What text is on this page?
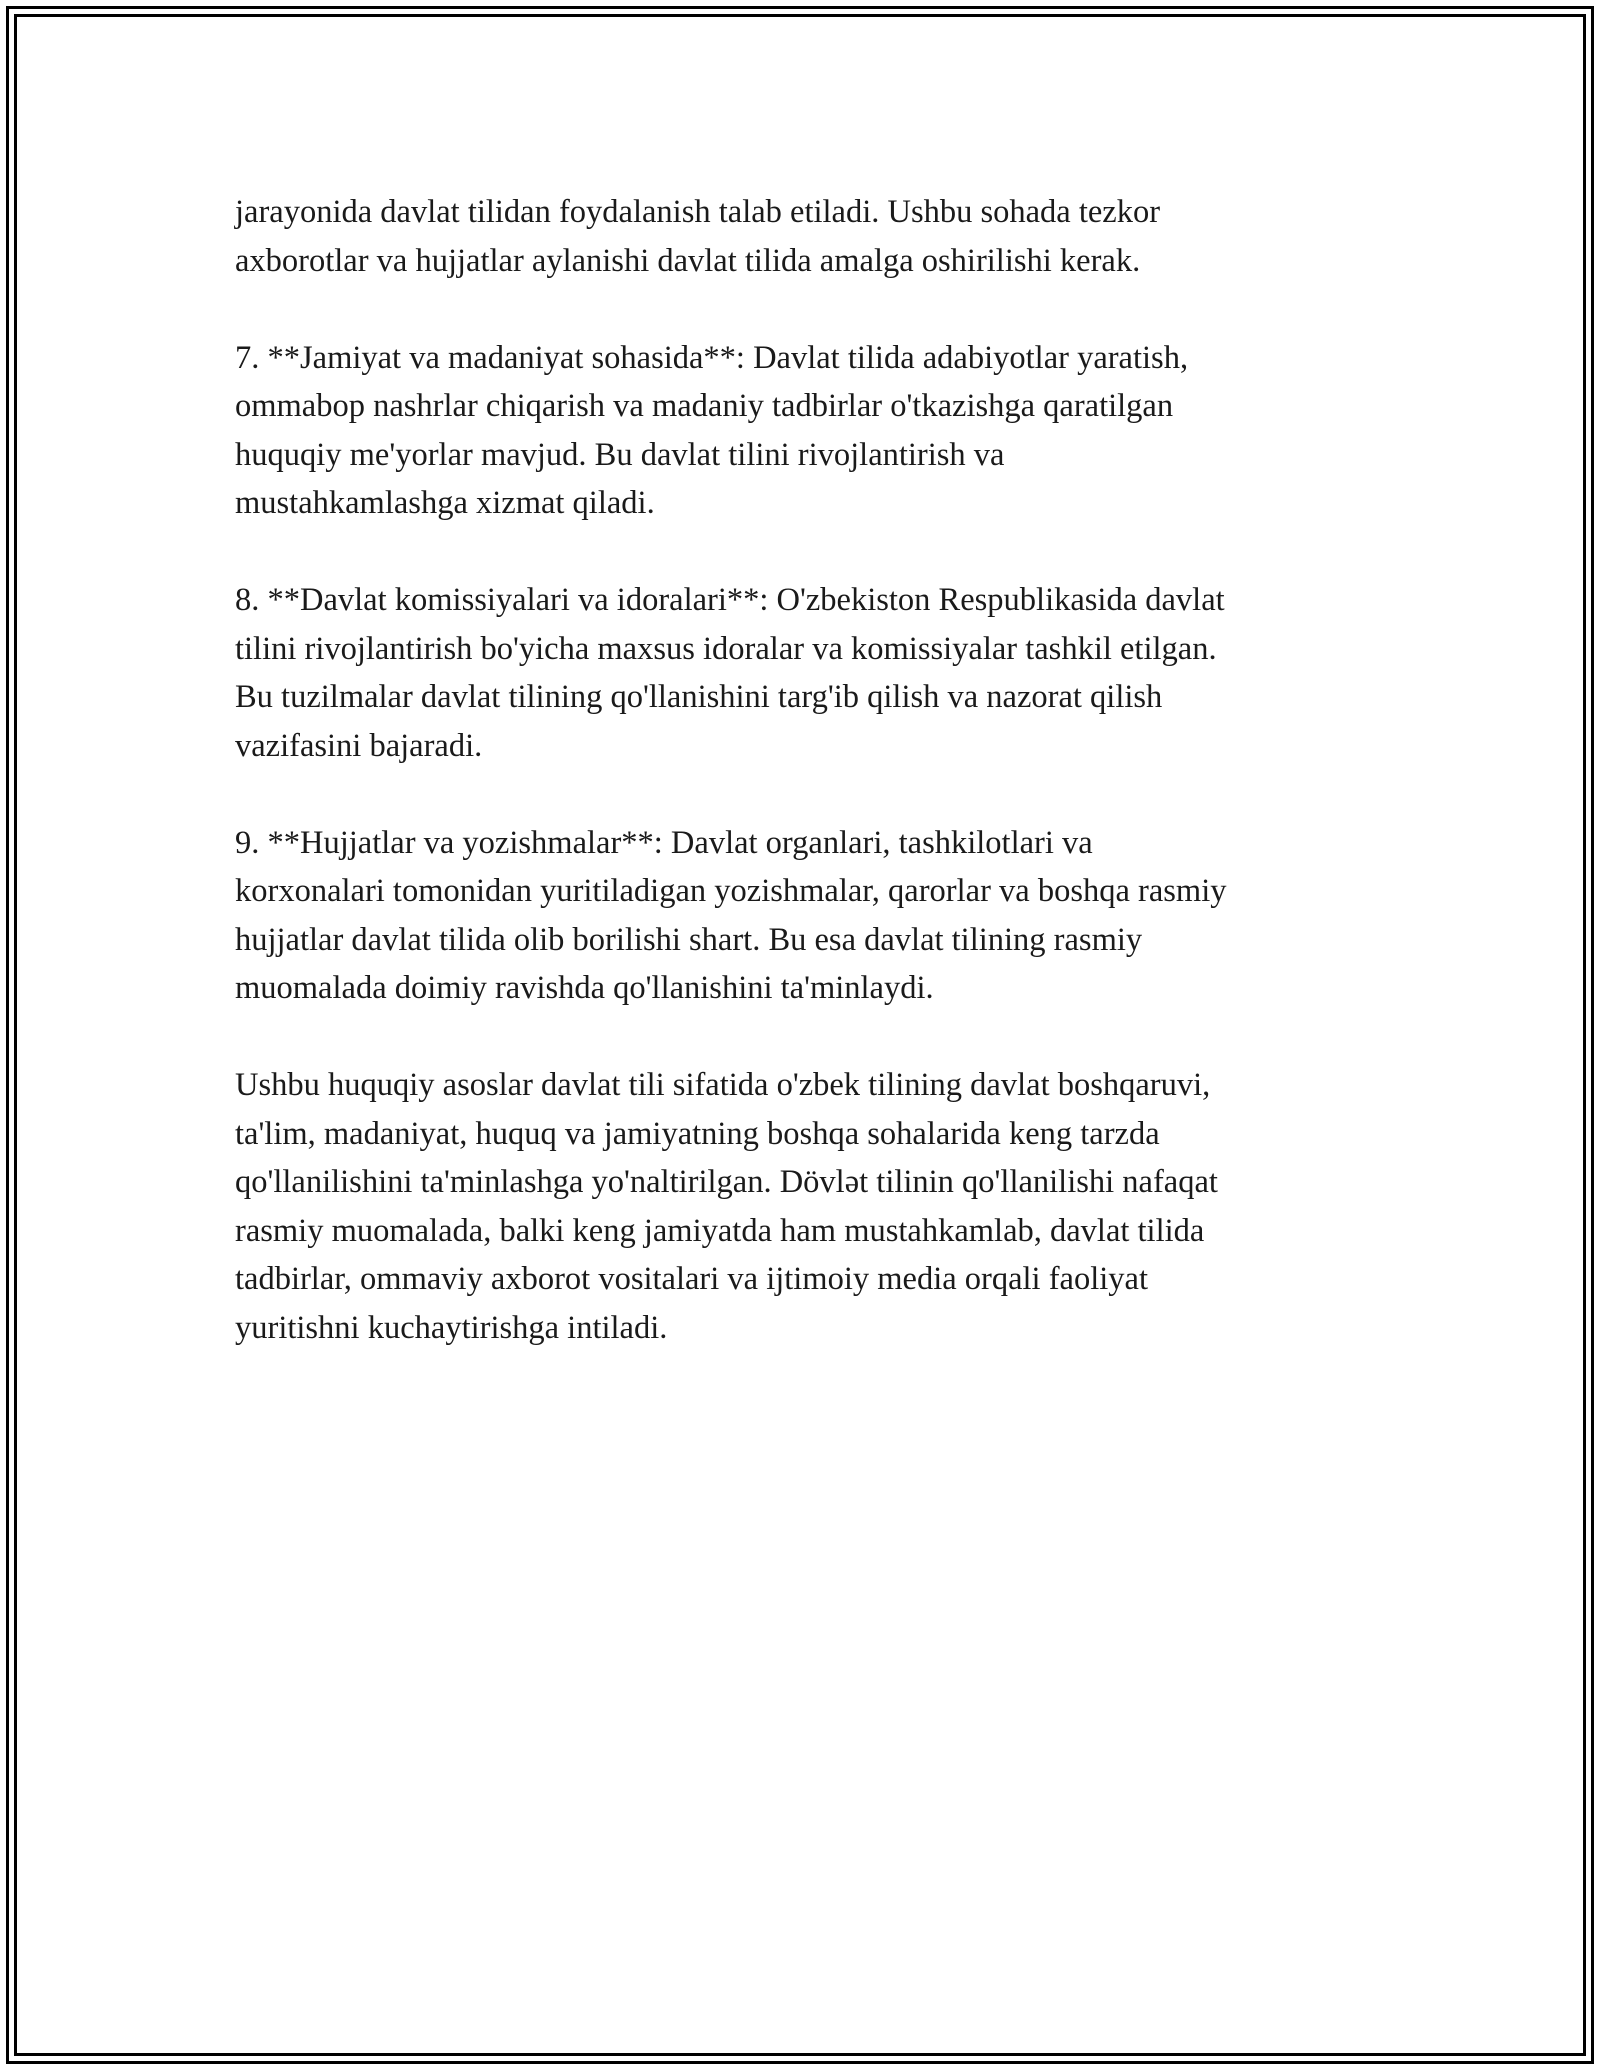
jarayonida davlat tilidan foydalanish talab etiladi. Ushbu sohada tezkor
axborotlar va hujjatlar aylanishi davlat tilida amalga oshirilishi kerak.

7. **Jamiyat va madaniyat sohasida**: Davlat tilida adabiyotlar yaratish,
ommabop nashrlar chiqarish va madaniy tadbirlar o'tkazishga qaratilgan
huquqiy me'yorlar mavjud. Bu davlat tilini rivojlantirish va
mustahkamlashga xizmat qiladi.

8. **Davlat komissiyalari va idoralari**: O'zbekiston Respublikasida davlat
tilini rivojlantirish bo'yicha maxsus idoralar va komissiyalar tashkil etilgan.
Bu tuzilmalar davlat tilining qo'llanishini targ'ib qilish va nazorat qilish
vazifasini bajaradi.

9. **Hujjatlar va yozishmalar**: Davlat organlari, tashkilotlari va
korxonalari tomonidan yuritiladigan yozishmalar, qarorlar va boshqa rasmiy
hujjatlar davlat tilida olib borilishi shart. Bu esa davlat tilining rasmiy
muomalada doimiy ravishda qo'llanishini ta'minlaydi.

Ushbu huquqiy asoslar davlat tili sifatida o'zbek tilining davlat boshqaruvi,
ta'lim, madaniyat, huquq va jamiyatning boshqa sohalarida keng tarzda
qo'llanilishini ta'minlashga yo'naltirilgan. Dövlət tilinin qo'llanilishi nafaqat
rasmiy muomalada, balki keng jamiyatda ham mustahkamlab, davlat tilida
tadbirlar, ommaviy axborot vositalari va ijtimoiy media orqali faoliyat
yuritishni kuchaytirishga intiladi.
